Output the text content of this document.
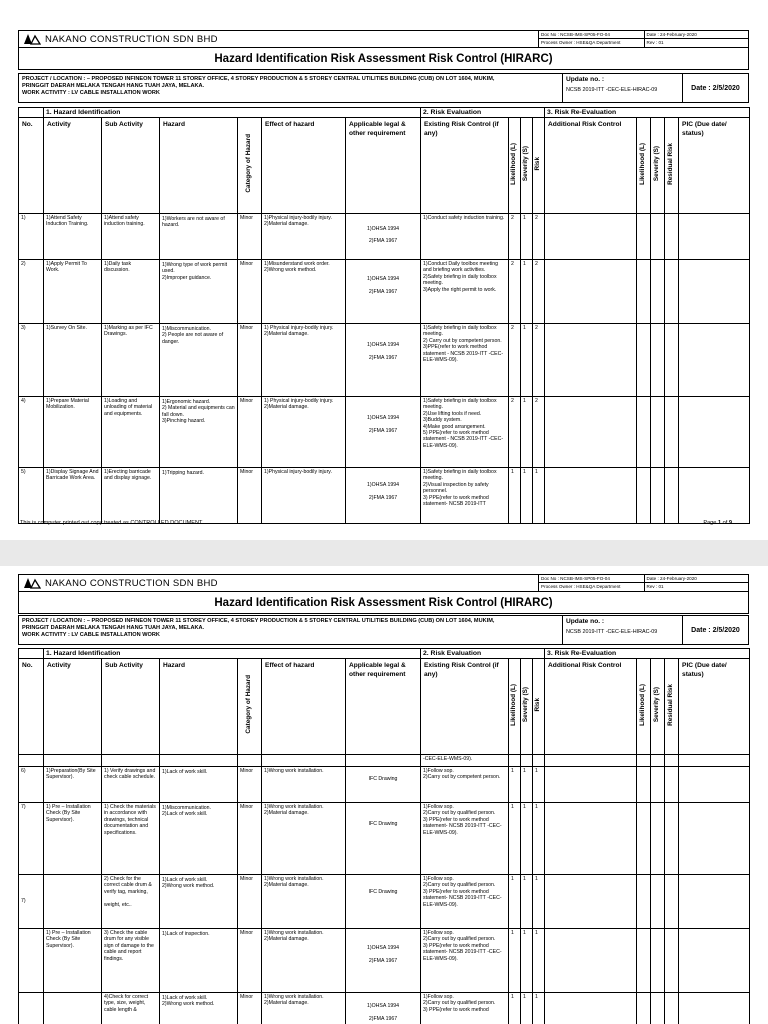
NAKANO CONSTRUCTION SDN BHD	Doc No : NCSB-IMS-SP05-FO-04	Date : 24-February-2020
Process Owner : HSE&QA Department	Rev : 01
Hazard Identification Risk Assessment Risk Control (HIRARC)
PROJECT / LOCATION : – PROPOSED INFINEON TOWER 11 STOREY OFFICE, 4 STOREY PRODUCTION & 5 STOREY CENTRAL UTILITIES BUILDING (CUB) ON LOT 1604, MUKIM,
PRINGGIT DAERAH MELAKA TENGAH HANG TUAH JAYA, MELAKA.
WORK ACTIVITY : LV CABLE INSTALLATION WORK
Update no. :
NCSB 2019-ITT -CEC-ELE-HIRAC-09	Date : 2/5/2020
	1. Hazard Identification						2. Risk Evaluation				3. Risk Re-Evaluation				
No.	Activity	Sub Activity	Hazard	Category of Hazard	Effect of hazard	Applicable legal & other requirement	Existing Risk Control (if any)	Likelihood (L)	Severity (S)	Risk	Additional Risk Control	Likelihood (L)	Severity (S)	Residual Risk	PIC (Due date/ status)
1)	1)Attend Safety Induction Training.	1)Attend safety induction training.	1)Workers are not aware of hazard.	Minor	1)Physical injury-bodily injury.
2)Material damage.	1)OHSA 1994

2)FMA 1967	1)Conduct safety induction training.	2	1	2					
2)	1)Apply Permit To Work.	1)Daily task discussion.	1)Wrong type of work permit used.
2)Improper guidance.	Minor	1)Misunderstand work order.
2)Wrong work method.	1)OHSA 1994

2)FMA 1967	1)Conduct Daily toolbox meeting and briefing work activities.
2)Safety briefing in daily toolbox meeting.
3)Apply the right permit to work.	2	1	2					
3)	1)Survey On Site.	1)Marking as per IFC Drawings.	1)Miscommunication.
2) People are not aware of danger.	Minor	1) Physical injury-bodily injury.
2)Material damage.	1)OHSA 1994

2)FMA 1967	1)Safety briefing in daily toolbox meeting.
2) Carry out by competent person.
3)PPE(refer to work method statement - NCSB 2019-ITT -CEC-ELE-WMS-09).	2	1	2					
4)	1)Prepare Material Mobilization.	1)Loading and unloading of material and equipments.	1)Ergonomic hazard.
2) Material and equipments can fall down.
3)Pinching hazard.	Minor	1) Physical injury-bodily injury.
2)Material damage.	1)OHSA 1994

2)FMA 1967	1)Safety briefing in daily toolbox meeting.
2)Use lifting tools if need.
3)Buddy system.
4)Make good arrangement.
5) PPE(refer to work method statement - NCSB 2019-ITT -CEC-ELE-WMS-09).	2	1	2					
5)	1)Display Signage And Barricade Work Area.	1)Erecting barricade and display signage.	1)Tripping hazard.	Minor	1)Physical injury-bodily injury.	1)OHSA 1994

2)FMA 1967	1)Safety briefing in daily toolbox meeting.
2)Visual inspection by safety personnel.
3) PPE(refer to work method statement- NCSB 2019-ITT	1	1	1					
This is computer printed out copy treated as CONTROLLED DOCUMENT	Page 1 of 9
NAKANO CONSTRUCTION SDN BHD	Doc No : NCSB-IMS-SP05-FO-04	Date : 24-February-2020
Process Owner : HSE&QA Department	Rev : 01
Hazard Identification Risk Assessment Risk Control (HIRARC)
PROJECT / LOCATION : – PROPOSED INFINEON TOWER 11 STOREY OFFICE, 4 STOREY PRODUCTION & 5 STOREY CENTRAL UTILITIES BUILDING (CUB) ON LOT 1604, MUKIM,
PRINGGIT DAERAH MELAKA TENGAH HANG TUAH JAYA, MELAKA.
WORK ACTIVITY : LV CABLE INSTALLATION WORK
Update no. :
NCSB 2019-ITT -CEC-ELE-HIRAC-09	Date : 2/5/2020
	1. Hazard Identification						2. Risk Evaluation				3. Risk Re-Evaluation				
No.	Activity	Sub Activity	Hazard	Category of Hazard	Effect of hazard	Applicable legal & other requirement	Existing Risk Control (if any)	Likelihood (L)	Severity (S)	Risk	Additional Risk Control	Likelihood (L)	Severity (S)	Residual Risk	PIC (Due date/ status)
							-CEC-ELE-WMS-09).								
6)	1)Preparation(By Site Supervisor).	1) Verify drawings and check cable schedule.	1)Lack of work skill.	Minor	1)Wrong work installation.	IFC Drawing	1)Follow sop.
2)Carry out by competent person.	1	1	1					
7)	1) Pre – Installation Check (By Site Supervisor).	1) Check the materials in accordance with drawings, technical documentation and specifications.	1)Miscommunication.
2)Lack of work skill.	Minor	1)Wrong work installation.
2)Material damage.	IFC Drawing	1)Follow sop.
2)Carry out by qualified person.
3) PPE(refer to work method statement- NCSB 2019-ITT -CEC-ELE-WMS-09).	1	1	1					
7)		2) Check for the correct cable drum & verify tag, marking,

weight, etc..	1)Lack of work skill.
2)Wrong work method.	Minor	1)Wrong work installation.
2)Material damage.	IFC Drawing	1)Follow sop.
2)Carry out by qualified person.
3) PPE(refer to work method statement- NCSB 2019-ITT -CEC-ELE-WMS-09).	1	1	1					
	1) Pre – Installation Check (By Site Supervisor).	3) Check the cable drum for any visible sign of damage to the cable and report findings.	1)Lack of inspection.	Minor	1)Wrong work installation.
2)Material damage.	1)OHSA 1994

2)FMA 1967	1)Follow sop.
2)Carry out by qualified person.
3) PPE(refer to work method statement- NCSB 2019-ITT -CEC-ELE-WMS-09).	1	1	1					
		4)Check for correct type, size, weight, cable length &	1)Lack of work skill.
2)Wrong work method.	Minor	1)Wrong work installation.
2)Material damage.	1)OHSA 1994

2)FMA 1967	1)Follow sop.
2)Carry out by qualified person.
3) PPE(refer to work method	1	1	1					
